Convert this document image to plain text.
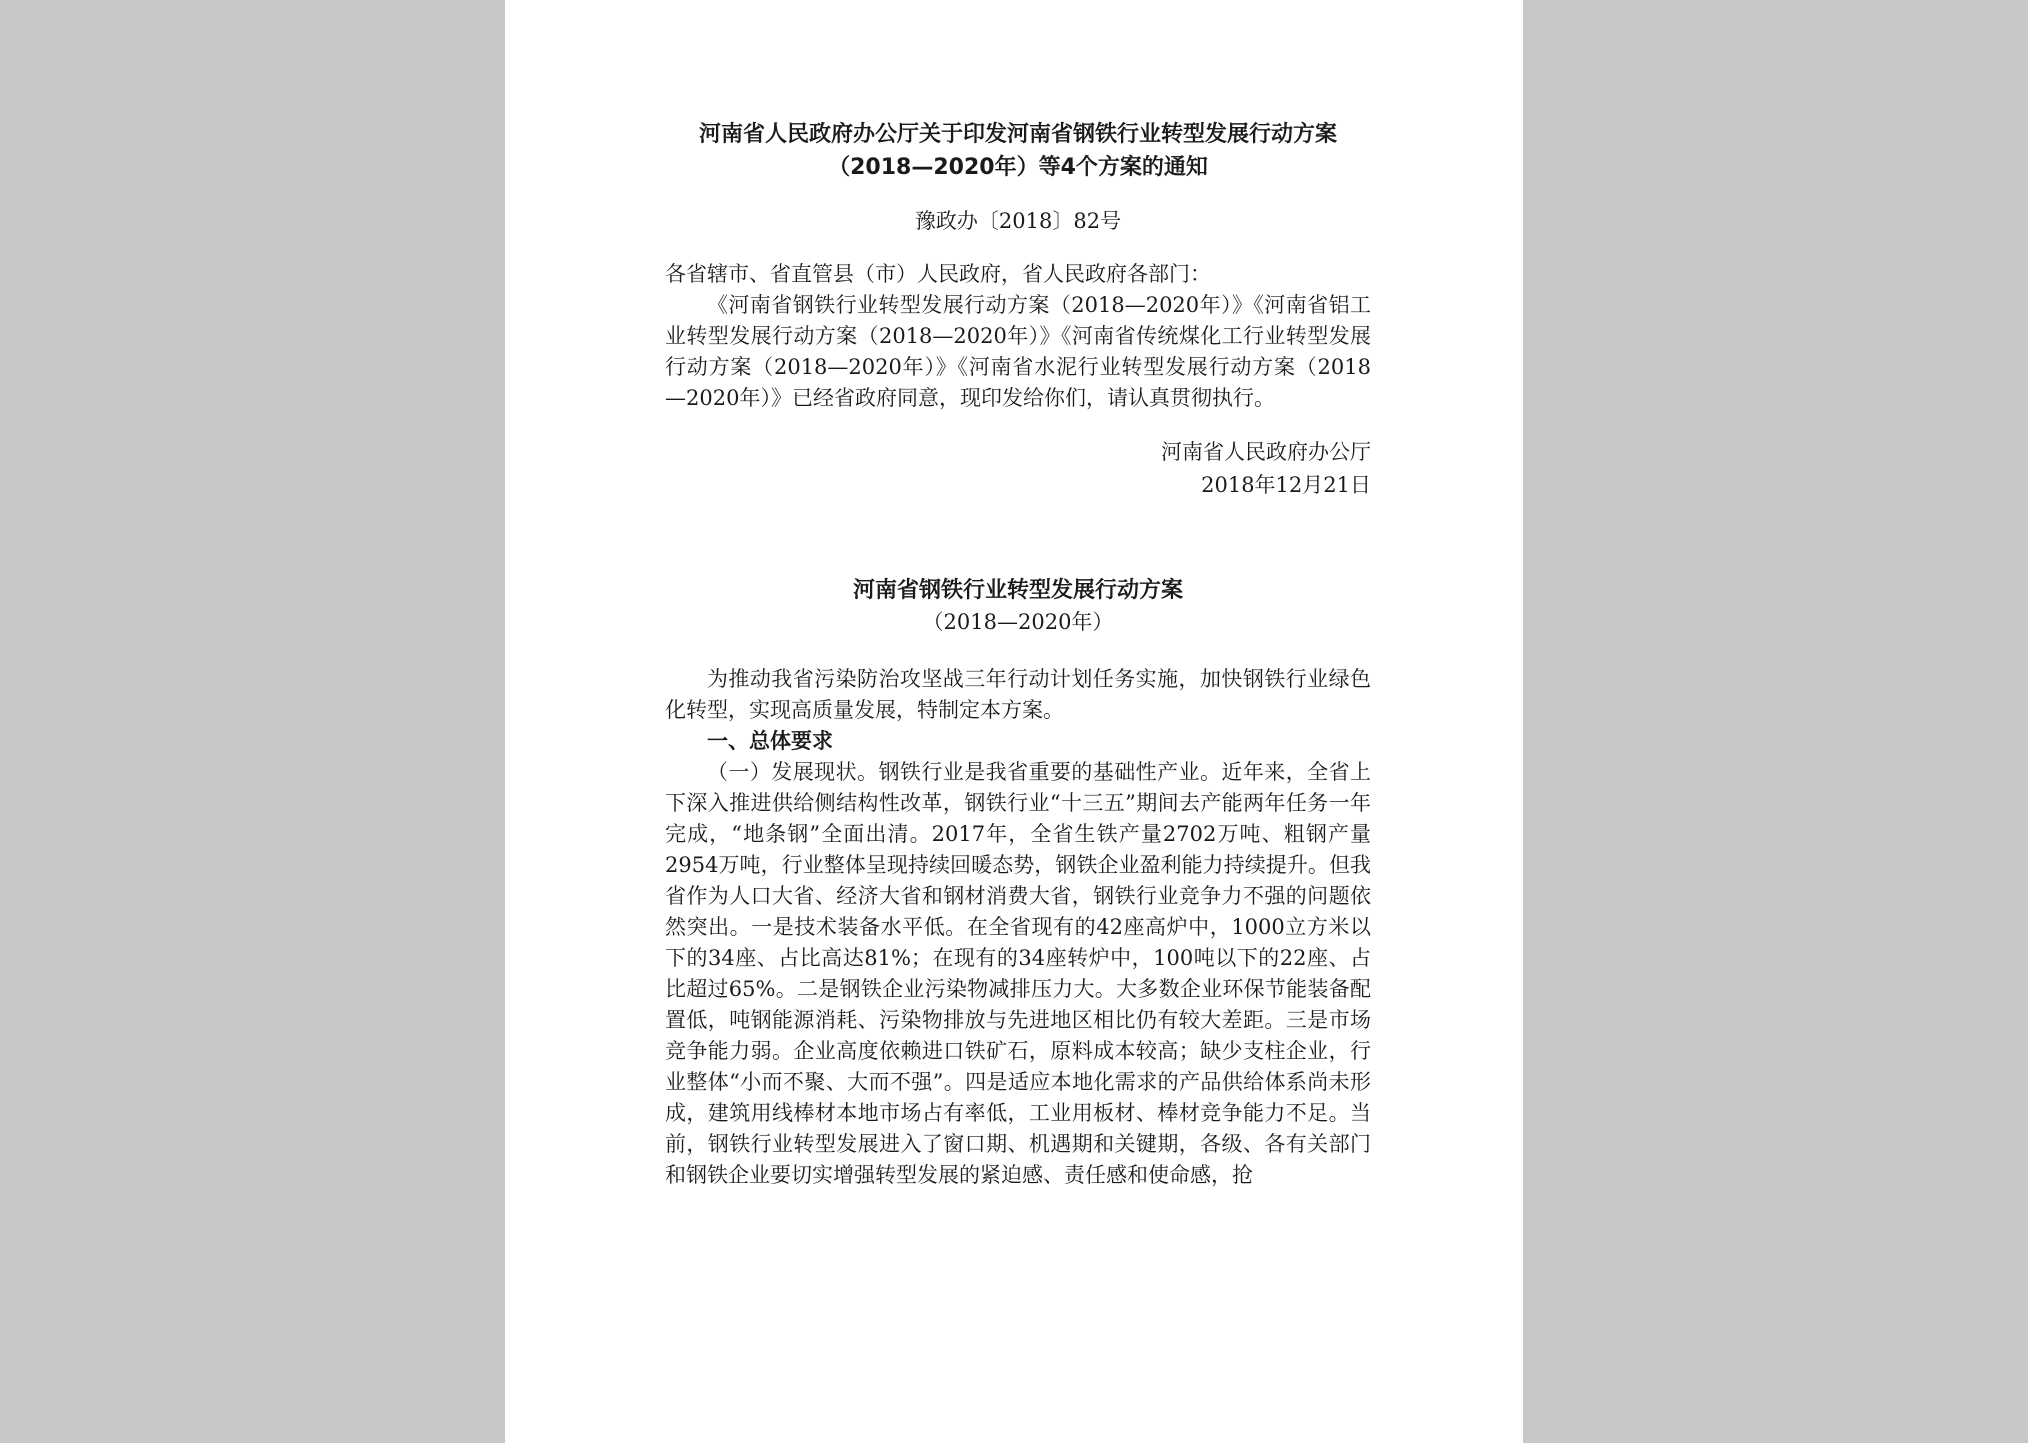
河南省人民政府办公厅关于印发河南省钢铁行业转型发展行动方案
（2018—2020年）等4个方案的通知
豫政办〔2018〕82号

各省辖市、省直管县（市）人民政府，省人民政府各部门：

《河南省钢铁行业转型发展行动方案（2018—2020年）》《河南省铝工业转型发展行动方案（2018—2020年）》《河南省传统煤化工行业转型发展行动方案（2018—2020年）》《河南省水泥行业转型发展行动方案（2018—2020年）》已经省政府同意，现印发给你们，请认真贯彻执行。

河南省人民政府办公厅
2018年12月21日
河南省钢铁行业转型发展行动方案
（2018—2020年）

为推动我省污染防治攻坚战三年行动计划任务实施，加快钢铁行业绿色化转型，实现高质量发展，特制定本方案。

一、总体要求

（一）发展现状。钢铁行业是我省重要的基础性产业。近年来，全省上下深入推进供给侧结构性改革，钢铁行业“十三五”期间去产能两年任务一年完成，“地条钢”全面出清。2017年，全省生铁产量2702万吨、粗钢产量2954万吨，行业整体呈现持续回暖态势，钢铁企业盈利能力持续提升。但我省作为人口大省、经济大省和钢材消费大省，钢铁行业竞争力不强的问题依然突出。一是技术装备水平低。在全省现有的42座高炉中，1000立方米以下的34座、占比高达81%；在现有的34座转炉中，100吨以下的22座、占比超过65%。二是钢铁企业污染物减排压力大。大多数企业环保节能装备配置低，吨钢能源消耗、污染物排放与先进地区相比仍有较大差距。三是市场竞争能力弱。企业高度依赖进口铁矿石，原料成本较高；缺少支柱企业，行业整体“小而不聚、大而不强”。四是适应本地化需求的产品供给体系尚未形成，建筑用线棒材本地市场占有率低，工业用板材、棒材竞争能力不足。当前，钢铁行业转型发展进入了窗口期、机遇期和关键期，各级、各有关部门和钢铁企业要切实增强转型发展的紧迫感、责任感和使命感，抢
